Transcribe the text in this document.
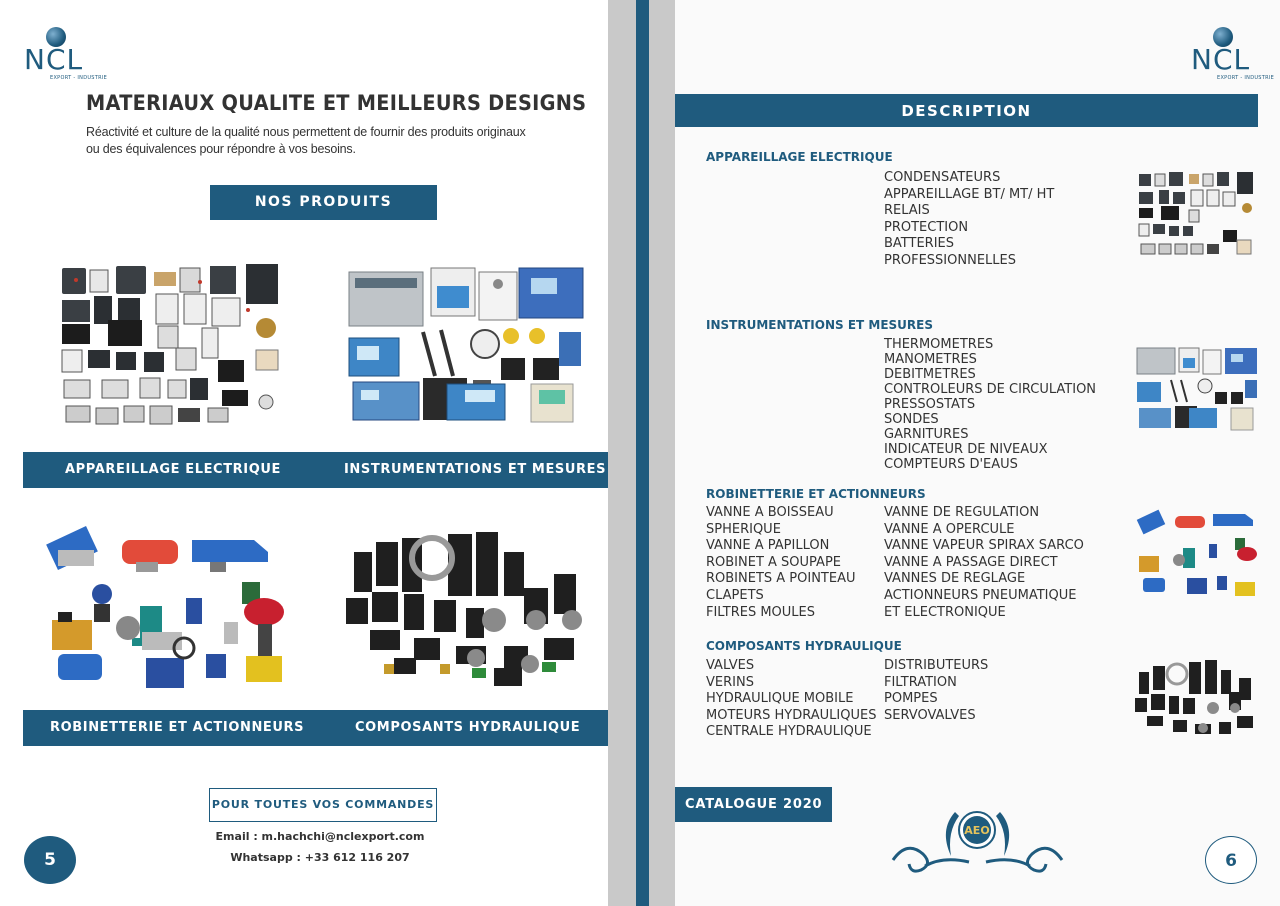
NCL
EXPORT - INDUSTRIE
MATERIAUX QUALITE ET MEILLEURS DESIGNS
Réactivité et culture de la qualité nous permettent de fournir des produits originaux
ou des équivalences pour répondre à vos besoins.
NOS PRODUITS
APPAREILLAGE ELECTRIQUE	INSTRUMENTATIONS ET MESURES
ROBINETTERIE ET ACTIONNEURS	COMPOSANTS HYDRAULIQUE
POUR TOUTES VOS COMMANDES
Email : m.hachchi@nclexport.com
Whatsapp : +33 612 116 207
5
NCL
EXPORT - INDUSTRIE
DESCRIPTION
APPAREILLAGE ELECTRIQUE
CONDENSATEURS
APPAREILLAGE BT/ MT/ HT
RELAIS
PROTECTION
BATTERIES
PROFESSIONNELLES
INSTRUMENTATIONS ET MESURES
THERMOMETRES
MANOMETRES
DEBITMETRES
CONTROLEURS DE CIRCULATION
PRESSOSTATS
SONDES
GARNITURES
INDICATEUR DE NIVEAUX
COMPTEURS D'EAUS
ROBINETTERIE ET ACTIONNEURS
VANNE A BOISSEAU
SPHERIQUE
VANNE A PAPILLON
ROBINET A SOUPAPE
ROBINETS A POINTEAU
CLAPETS
FILTRES MOULES
VANNE DE REGULATION
VANNE A OPERCULE
VANNE VAPEUR SPIRAX SARCO
VANNE A PASSAGE DIRECT
VANNES DE REGLAGE
ACTIONNEURS PNEUMATIQUE
ET ELECTRONIQUE
COMPOSANTS HYDRAULIQUE
VALVES
VERINS
HYDRAULIQUE MOBILE
MOTEURS HYDRAULIQUES
CENTRALE HYDRAULIQUE
DISTRIBUTEURS
FILTRATION
POMPES
SERVOVALVES
CATALOGUE 2020
AEO
6
